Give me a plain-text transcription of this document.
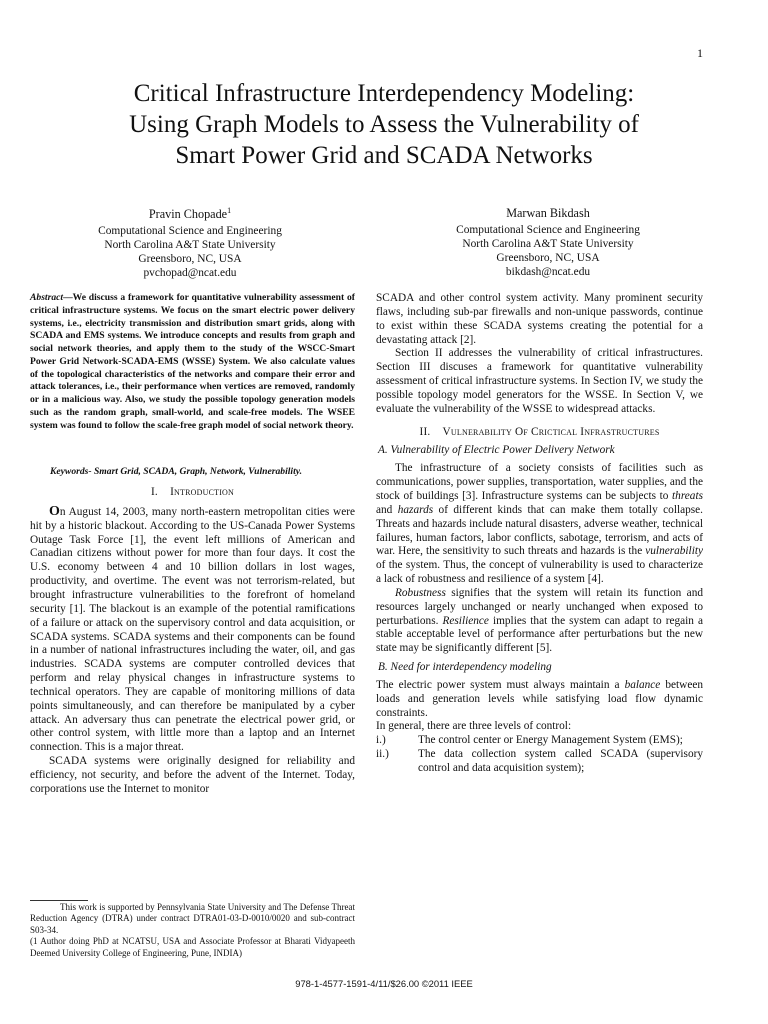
1
Critical Infrastructure Interdependency Modeling:
Using Graph Models to Assess the Vulnerability of
Smart Power Grid and SCADA Networks
Pravin Chopade$^1$
Computational Science and Engineering
North Carolina A&T State University
Greensboro, NC, USA
pvchopad@ncat.edu
Marwan Bikdash
Computational Science and Engineering
North Carolina A&T State University
Greensboro, NC, USA
bikdash@ncat.edu

Abstract—We discuss a framework for quantitative vulnerability assessment of critical infrastructure systems. We focus on the smart electric power delivery systems, i.e., electricity transmission and distribution smart grids, along with SCADA and EMS systems. We introduce concepts and results from graph and social network theories, and apply them to the study of the WSCC-Smart Power Grid Network-SCADA-EMS (WSSE) System. We also calculate values of the topological characteristics of the networks and compare their error and attack tolerances, i.e., their performance when vertices are removed, randomly or in a malicious way. Also, we study the possible topology generation models such as the random graph, small-world, and scale-free models. The WSEE system was found to follow the scale-free graph model of social network theory.

Keywords- Smart Grid, SCADA, Graph, Network, Vulnerability.

I. Introduction

On August 14, 2003, many north-eastern metropolitan cities were hit by a historic blackout. According to the US-Canada Power Systems Outage Task Force [1], the event left millions of American and Canadian citizens without power for more than four days. It cost the U.S. economy between 4 and 10 billion dollars in lost wages, productivity, and overtime. The event was not terrorism-related, but brought infrastructure vulnerabilities to the forefront of homeland security [1]. The blackout is an example of the potential ramifications of a failure or attack on the supervisory control and data acquisition, or SCADA systems. SCADA systems and their components can be found in a number of national infrastructures including the water, oil, and gas industries. SCADA systems are computer controlled devices that perform and relay physical changes in infrastructure systems to technical operators. They are capable of monitoring millions of data points simultaneously, and can therefore be manipulated by a cyber attack. An adversary thus can penetrate the electrical power grid, or other control system, with little more than a laptop and an Internet connection. This is a major threat.

SCADA systems were originally designed for reliability and efficiency, not security, and before the advent of the Internet. Today, corporations use the Internet to monitor

This work is supported by Pennsylvania State University and The Defense Threat Reduction Agency (DTRA) under contract DTRA01-03-D-0010/0020 and sub-contract S03-34.

(1 Author doing PhD at NCATSU, USA and Associate Professor at Bharati Vidyapeeth Deemed University College of Engineering, Pune, INDIA)

SCADA and other control system activity. Many prominent security flaws, including sub-par firewalls and non-unique passwords, continue to exist within these SCADA systems creating the potential for a devastating attack [2].

Section II addresses the vulnerability of critical infrastructures. Section III discuses a framework for quantitative vulnerability assessment of critical infrastructure systems. In Section IV, we study the possible topology model generators for the WSSE. In Section V, we evaluate the vulnerability of the WSSE to widespread attacks.

II. Vulnerability Of Crictical Infrastructures
A. Vulnerability of Electric Power Delivery Network

The infrastructure of a society consists of facilities such as communications, power supplies, transportation, water supplies, and the stock of buildings [3]. Infrastructure systems can be subjects to threats and hazards of different kinds that can make them totally collapse. Threats and hazards include natural disasters, adverse weather, technical failures, human factors, labor conflicts, sabotage, terrorism, and acts of war. Here, the sensitivity to such threats and hazards is the vulnerability of the system. Thus, the concept of vulnerability is used to characterize a lack of robustness and resilience of a system [4].

Robustness signifies that the system will retain its function and resources largely unchanged or nearly unchanged when exposed to perturbations. Resilience implies that the system can adapt to regain a stable acceptable level of performance after perturbations but the new state may be significantly different [5].

B. Need for interdependency modeling

The electric power system must always maintain a balance between loads and generation levels while satisfying load flow dynamic constraints.

In general, there are three levels of control:

i.)	The control center or Energy Management System (EMS);
ii.)	The data collection system called SCADA (supervisory control and data acquisition system);
978-1-4577-1591-4/11/$26.00 ©2011 IEEE
